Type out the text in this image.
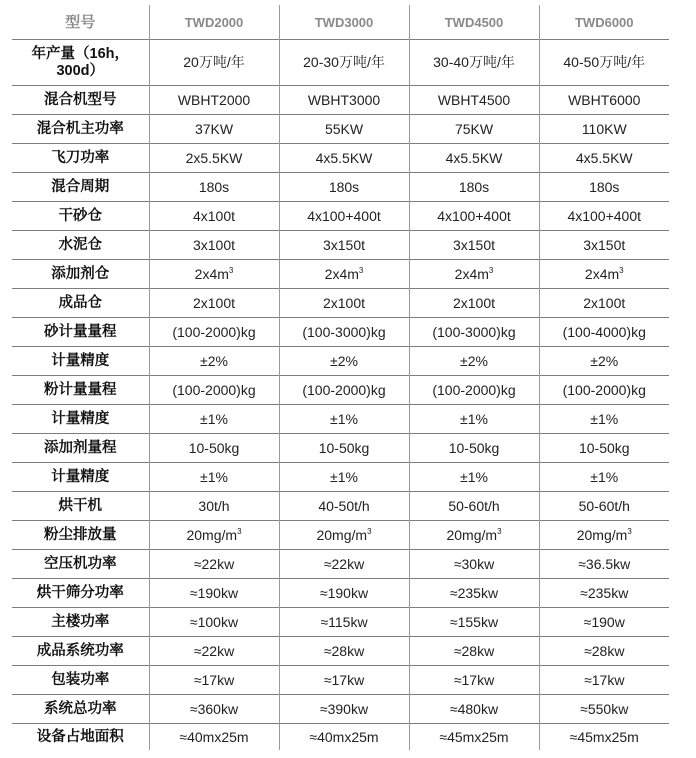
型号	TWD2000	TWD3000	TWD4500	TWD6000
年产量（16h，
300d）	20万吨/年	20-30万吨/年	30-40万吨/年	40-50万吨/年
混合机型号	WBHT2000	WBHT3000	WBHT4500	WBHT6000
混合机主功率	37KW	55KW	75KW	110KW
飞刀功率	2x5.5KW	4x5.5KW	4x5.5KW	4x5.5KW
混合周期	180s	180s	180s	180s
干砂仓	4x100t	4x100+400t	4x100+400t	4x100+400t
水泥仓	3x100t	3x150t	3x150t	3x150t
添加剂仓	$2x4m^3$	$2x4m^3$	$2x4m^3$	$2x4m^3$
成品仓	2x100t	2x100t	2x100t	2x100t
砂计量量程	(100-2000)kg	(100-3000)kg	(100-3000)kg	(100-4000)kg
计量精度	±2%	±2%	±2%	±2%
粉计量量程	(100-2000)kg	(100-2000)kg	(100-2000)kg	(100-2000)kg
计量精度	±1%	±1%	±1%	±1%
添加剂量程	10-50kg	10-50kg	10-50kg	10-50kg
计量精度	±1%	±1%	±1%	±1%
烘干机	30t/h	40-50t/h	50-60t/h	50-60t/h
粉尘排放量	$20mg/m^3$	$20mg/m^3$	$20mg/m^3$	$20mg/m^3$
空压机功率	≈22kw	≈22kw	≈30kw	≈36.5kw
烘干筛分功率	≈190kw	≈190kw	≈235kw	≈235kw
主楼功率	≈100kw	≈115kw	≈155kw	≈190w
成品系统功率	≈22kw	≈28kw	≈28kw	≈28kw
包装功率	≈17kw	≈17kw	≈17kw	≈17kw
系统总功率	≈360kw	≈390kw	≈480kw	≈550kw
设备占地面积	≈40mx25m	≈40mx25m	≈45mx25m	≈45mx25m
